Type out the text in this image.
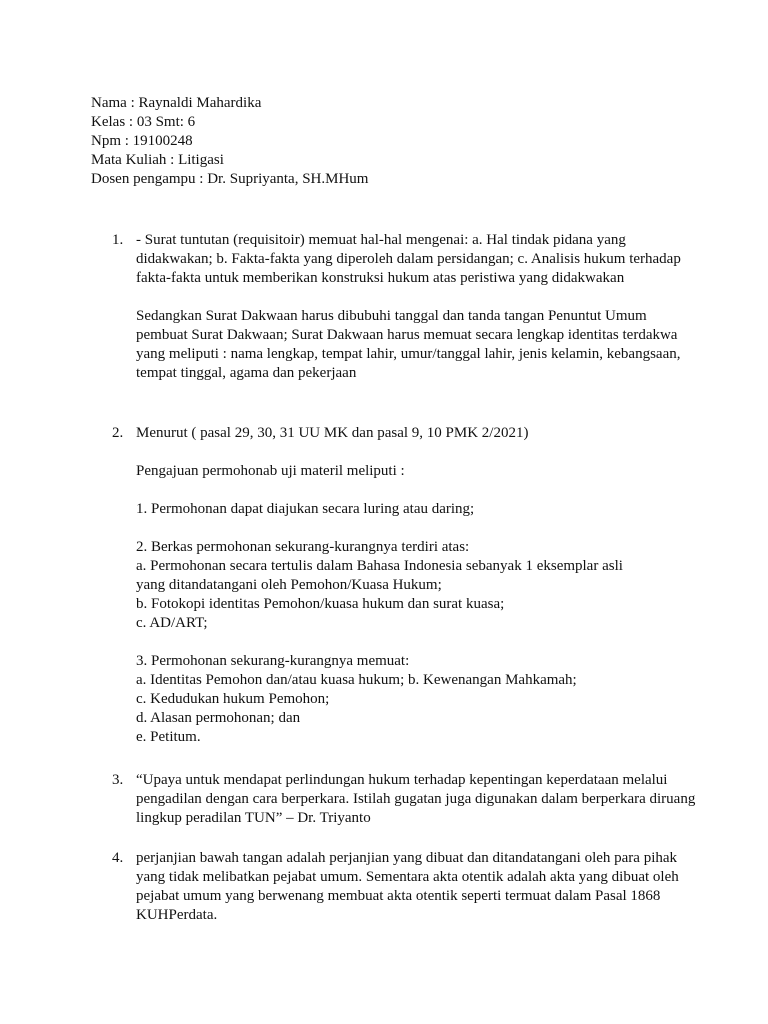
Nama : Raynaldi Mahardika
Kelas : 03 Smt: 6
Npm : 19100248
Mata Kuliah : Litigasi
Dosen pengampu : Dr. Supriyanta, SH.MHum
1. - Surat tuntutan (requisitoir) memuat hal-hal mengenai: a. Hal tindak pidana yang didakwakan; b. Fakta-fakta yang diperoleh dalam persidangan; c. Analisis hukum terhadap fakta-fakta untuk memberikan konstruksi hukum atas peristiwa yang didakwakan

Sedangkan Surat Dakwaan harus dibubuhi tanggal dan tanda tangan Penuntut Umum pembuat Surat Dakwaan; Surat Dakwaan harus memuat secara lengkap identitas terdakwa yang meliputi : nama lengkap, tempat lahir, umur/tanggal lahir, jenis kelamin, kebangsaan, tempat tinggal, agama dan pekerjaan

2. Menurut ( pasal 29, 30, 31 UU MK dan pasal 9, 10 PMK 2/2021)

Pengajuan permohonab uji materil meliputi :

1. Permohonan dapat diajukan secara luring atau daring;

2. Berkas permohonan sekurang-kurangnya terdiri atas:

a. Permohonan secara tertulis dalam Bahasa Indonesia sebanyak 1 eksemplar asli

yang ditandatangani oleh Pemohon/Kuasa Hukum;

b. Fotokopi identitas Pemohon/kuasa hukum dan surat kuasa;

c. AD/ART;

3. Permohonan sekurang-kurangnya memuat:

a. Identitas Pemohon dan/atau kuasa hukum; b. Kewenangan Mahkamah;

c. Kedudukan hukum Pemohon;

d. Alasan permohonan; dan

e. Petitum.

3. “Upaya untuk mendapat perlindungan hukum terhadap kepentingan keperdataan melalui pengadilan dengan cara berperkara. Istilah gugatan juga digunakan dalam berperkara diruang lingkup peradilan TUN” – Dr. Triyanto

4. perjanjian bawah tangan adalah perjanjian yang dibuat dan ditandatangani oleh para pihak yang tidak melibatkan pejabat umum. Sementara akta otentik adalah akta yang dibuat oleh pejabat umum yang berwenang membuat akta otentik seperti termuat dalam Pasal 1868 KUHPerdata.
